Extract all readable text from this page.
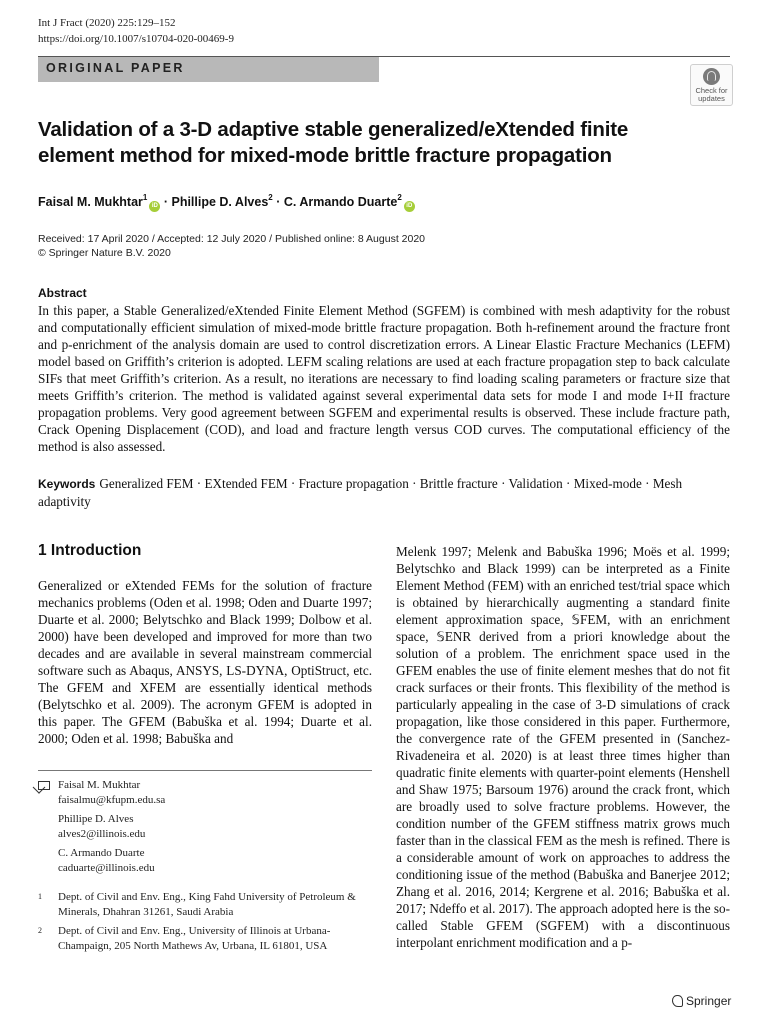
Int J Fract (2020) 225:129–152
https://doi.org/10.1007/s10704-020-00469-9
ORIGINAL PAPER
Check for updates
Validation of a 3-D adaptive stable generalized/eXtended finite element method for mixed-mode brittle fracture propagation
Faisal M. Mukhtar$^1$iD · Phillipe D. Alves$^2$ · C. Armando Duarte$^2$iD
Received: 17 April 2020 / Accepted: 12 July 2020 / Published online: 8 August 2020
© Springer Nature B.V. 2020
Abstract

In this paper, a Stable Generalized/eXtended Finite Element Method (SGFEM) is combined with mesh adaptivity for the robust and computationally efficient simulation of mixed-mode brittle fracture propagation. Both h-refinement around the fracture front and p-enrichment of the analysis domain are used to control discretization errors. A Linear Elastic Fracture Mechanics (LEFM) model based on Griffith’s criterion is adopted. LEFM scaling relations are used at each fracture propagation step to back calculate SIFs that meet Griffith’s criterion. As a result, no iterations are necessary to find loading scaling parameters or fracture size that meets Griffith’s criterion. The method is validated against several experimental data sets for mode I and mode I+II fracture propagation problems. Very good agreement between SGFEM and experimental results is observed. These include fracture path, Crack Opening Displacement (COD), and load and fracture length versus COD curves. The computational efficiency of the method is also assessed.

Keywords Generalized FEM · EXtended FEM · Fracture propagation · Brittle fracture · Validation · Mixed-mode · Mesh adaptivity

1 Introduction

Generalized or eXtended FEMs for the solution of fracture mechanics problems (Oden et al. 1998; Oden and Duarte 1997; Duarte et al. 2000; Belytschko and Black 1999; Dolbow et al. 2000) have been developed and improved for more than two decades and are available in several mainstream commercial software such as Abaqus, ANSYS, LS-DYNA, OptiStruct, etc. The GFEM and XFEM are essentially identical methods (Belytschko et al. 2009). The acronym GFEM is adopted in this paper. The GFEM (Babuška et al. 1994; Duarte et al. 2000; Oden et al. 1998; Babuška and

Melenk 1997; Melenk and Babuška 1996; Moës et al. 1999; Belytschko and Black 1999) can be interpreted as a Finite Element Method (FEM) with an enriched test/trial space which is obtained by hierarchically augmenting a standard finite element approximation space, 𝕊FEM, with an enrichment space, 𝕊ENR derived from a priori knowledge about the solution of a problem. The enrichment space used in the GFEM enables the use of finite element meshes that do not fit crack surfaces or their fronts. This flexibility of the method is particularly appealing in the case of 3-D simulations of crack propagation, like those considered in this paper. Furthermore, the convergence rate of the GFEM presented in (Sanchez-Rivadeneira et al. 2020) is at least three times higher than quadratic finite elements with quarter-point elements (Henshell and Shaw 1975; Barsoum 1976) around the crack front, which are broadly used to solve fracture problems. However, the condition number of the GFEM stiffness matrix grows much faster than in the classical FEM as the mesh is refined. There is a considerable amount of work on approaches to address the conditioning issue of the method (Babuška and Banerjee 2012; Zhang et al. 2016, 2014; Kergrene et al. 2016; Babuška et al. 2017; Ndeffo et al. 2017). The approach adopted here is the so-called Stable GFEM (SGFEM) with a discontinuous interpolant enrichment modification and a p-

Faisal M. Mukhtar
faisalmu@kfupm.edu.sa
Phillipe D. Alves
alves2@illinois.edu
C. Armando Duarte
caduarte@illinois.edu
1 Dept. of Civil and Env. Eng., King Fahd University of Petroleum & Minerals, Dhahran 31261, Saudi Arabia
2 Dept. of Civil and Env. Eng., University of Illinois at Urbana-Champaign, 205 North Mathews Av, Urbana, IL 61801, USA
Springer
